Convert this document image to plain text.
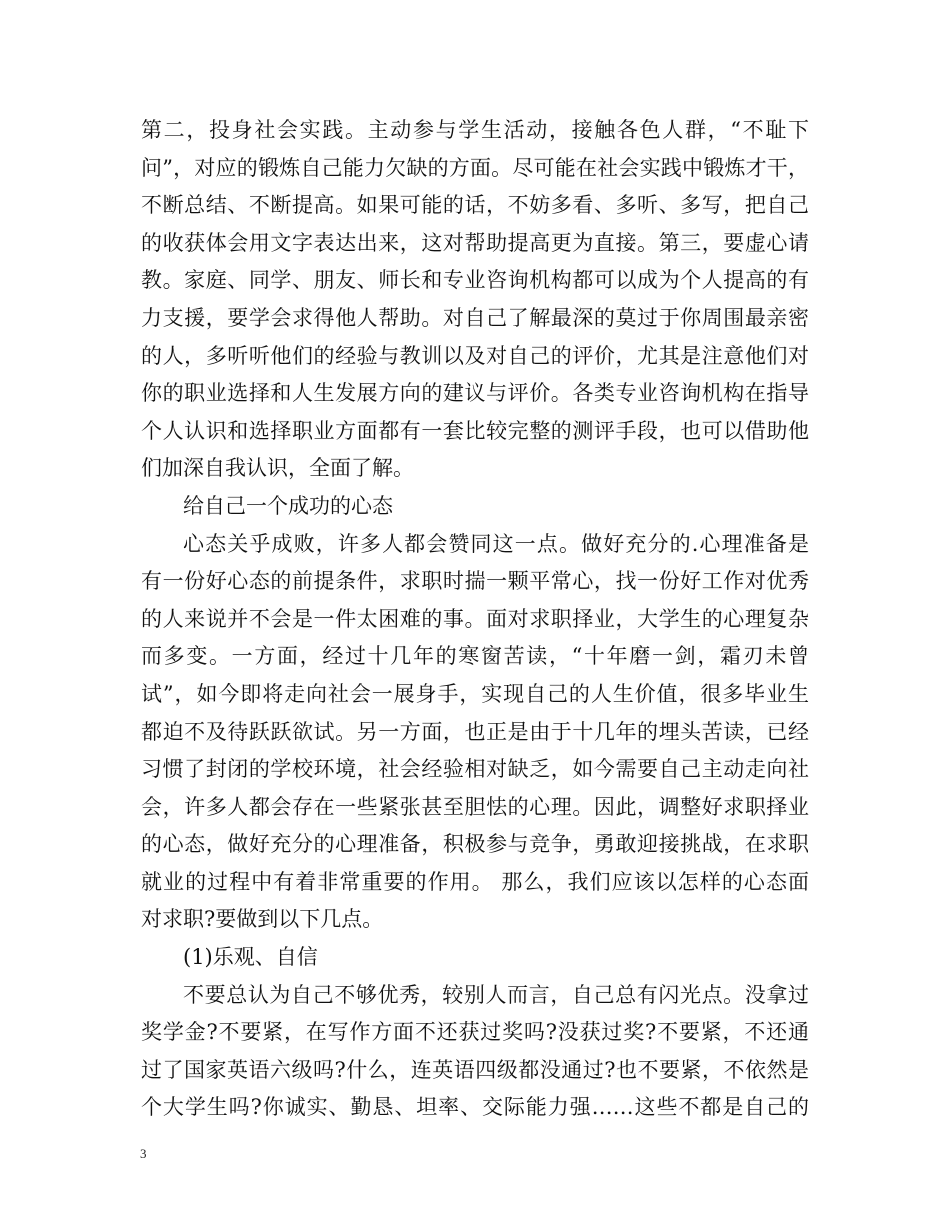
第二，投身社会实践。主动参与学生活动，接触各色人群，“不耻下
问”，对应的锻炼自己能力欠缺的方面。尽可能在社会实践中锻炼才干，
不断总结、不断提高。如果可能的话，不妨多看、多听、多写，把自己
的收获体会用文字表达出来，这对帮助提高更为直接。第三，要虚心请
教。家庭、同学、朋友、师长和专业咨询机构都可以成为个人提高的有
力支援，要学会求得他人帮助。对自己了解最深的莫过于你周围最亲密
的人，多听听他们的经验与教训以及对自己的评价，尤其是注意他们对
你的职业选择和人生发展方向的建议与评价。各类专业咨询机构在指导
个人认识和选择职业方面都有一套比较完整的测评手段，也可以借助他
们加深自我认识，全面了解。
给自己一个成功的心态
心态关乎成败，许多人都会赞同这一点。做好充分的.心理准备是
有一份好心态的前提条件，求职时揣一颗平常心，找一份好工作对优秀
的人来说并不会是一件太困难的事。面对求职择业，大学生的心理复杂
而多变。一方面，经过十几年的寒窗苦读，“十年磨一剑，霜刃未曾
试”，如今即将走向社会一展身手，实现自己的人生价值，很多毕业生
都迫不及待跃跃欲试。另一方面，也正是由于十几年的埋头苦读，已经
习惯了封闭的学校环境，社会经验相对缺乏，如今需要自己主动走向社
会，许多人都会存在一些紧张甚至胆怯的心理。因此，调整好求职择业
的心态，做好充分的心理准备，积极参与竞争，勇敢迎接挑战，在求职
就业的过程中有着非常重要的作用。 那么，我们应该以怎样的心态面
对求职?要做到以下几点。
(1)乐观、自信
不要总认为自己不够优秀，较别人而言，自己总有闪光点。没拿过
奖学金?不要紧，在写作方面不还获过奖吗?没获过奖?不要紧，不还通
过了国家英语六级吗?什么，连英语四级都没通过?也不要紧，不依然是
个大学生吗?你诚实、勤恳、坦率、交际能力强……这些不都是自己的
3
